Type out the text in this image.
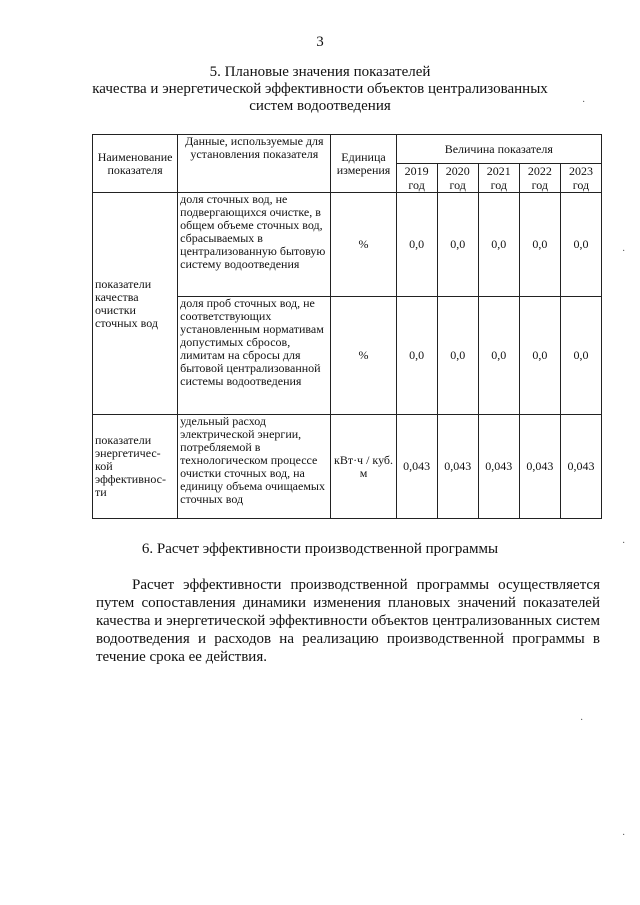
3
5. Плановые значения показателей
качества и энергетической эффективности объектов централизованных
систем водоотведения
Наименование показателя	Данные, используемые для установления показателя	Единица измерения	Величина показателя				
			2019 год	2020 год	2021 год	2022 год	2023 год
показатели качества очистки сточных вод	доля сточных вод, не подвергающихся очистке, в общем объеме сточных вод, сбрасываемых в централизованную бытовую систему водоотведения	%	0,0	0,0	0,0	0,0	0,0
	доля проб сточных вод, не соответствующих установленным нормативам допустимых сбросов, лимитам на сбросы для бытовой централизованной системы водоотведения	%	0,0	0,0	0,0	0,0	0,0
показатели энергетичес-кой эффективнос-ти	удельный расход электрической энергии, потребляемой в технологическом процессе очистки сточных вод, на единицу объема очищаемых сточных вод	кВт·ч / куб. м	0,043	0,043	0,043	0,043	0,043
6. Расчет эффективности производственной программы

Расчет эффективности производственной программы осуществляется путем сопоставления динамики изменения плановых значений показателей качества и энергетической эффективности объектов централизованных систем водоотведения и расходов на реализацию производственной программы в течение срока ее действия.

·
·
·
·
·
